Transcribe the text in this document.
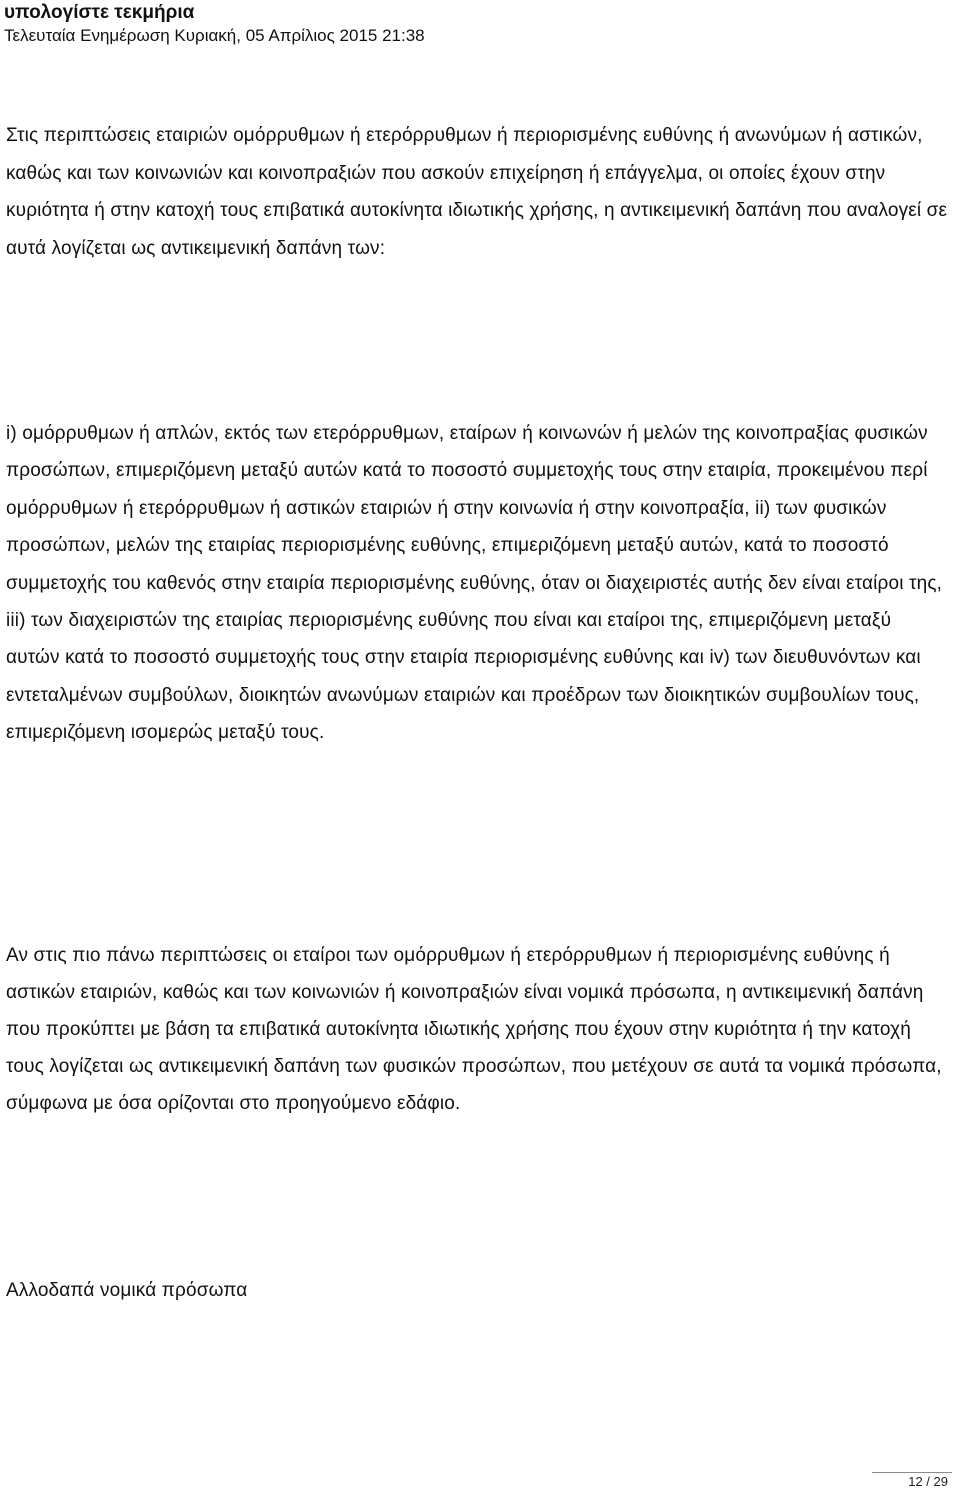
υπολογίστε τεκμήρια
Τελευταία Ενημέρωση Κυριακή, 05 Απρίλιος 2015 21:38

Στις περιπτώσεις εταιριών ομόρρυθμων ή ετερόρρυθμων ή περιορισμένης ευθύνης ή ανωνύμων ή αστικών, καθώς και των κοινωνιών και κοινοπραξιών που ασκούν επιχείρηση ή επάγγελμα, οι οποίες έχουν στην κυριότητα ή στην κατοχή τους επιβατικά αυτοκίνητα ιδιωτικής χρήσης, η αντικειμενική δαπάνη που αναλογεί σε αυτά λογίζεται ως αντικειμενική δαπάνη των:

i) ομόρρυθμων ή απλών, εκτός των ετερόρρυθμων, εταίρων ή κοινωνών ή μελών της κοινοπραξίας φυσικών προσώπων, επιμεριζόμενη μεταξύ αυτών κατά το ποσοστό συμμετοχής τους στην εταιρία, προκειμένου περί ομόρρυθμων ή ετερόρρυθμων ή αστικών εταιριών ή στην κοινωνία ή στην κοινοπραξία, ii) των φυσικών προσώπων, μελών της εταιρίας περιορισμένης ευθύνης, επιμεριζόμενη μεταξύ αυτών, κατά το ποσοστό συμμετοχής του καθενός στην εταιρία περιορισμένης ευθύνης, όταν οι διαχειριστές αυτής δεν είναι εταίροι της, iii) των διαχειριστών της εταιρίας περιορισμένης ευθύνης που είναι και εταίροι της, επιμεριζόμενη μεταξύ αυτών κατά το ποσοστό συμμετοχής τους στην εταιρία περιορισμένης ευθύνης και iv) των διευθυνόντων και εντεταλμένων συμβούλων, διοικητών ανωνύμων εταιριών και προέδρων των διοικητικών συμβουλίων τους, επιμεριζόμενη ισομερώς μεταξύ τους.

Αν στις πιο πάνω περιπτώσεις οι εταίροι των ομόρρυθμων ή ετερόρρυθμων ή περιορισμένης ευθύνης ή αστικών εταιριών, καθώς και των κοινωνιών ή κοινοπραξιών είναι νομικά πρόσωπα, η αντικειμενική δαπάνη που προκύπτει με βάση τα επιβατικά αυτοκίνητα ιδιωτικής χρήσης που έχουν στην κυριότητα ή την κατοχή τους λογίζεται ως αντικειμενική δαπάνη των φυσικών προσώπων, που μετέχουν σε αυτά τα νομικά πρόσωπα, σύμφωνα με όσα ορίζονται στο προηγούμενο εδάφιο.

Αλλοδαπά νομικά πρόσωπα

12 / 29
